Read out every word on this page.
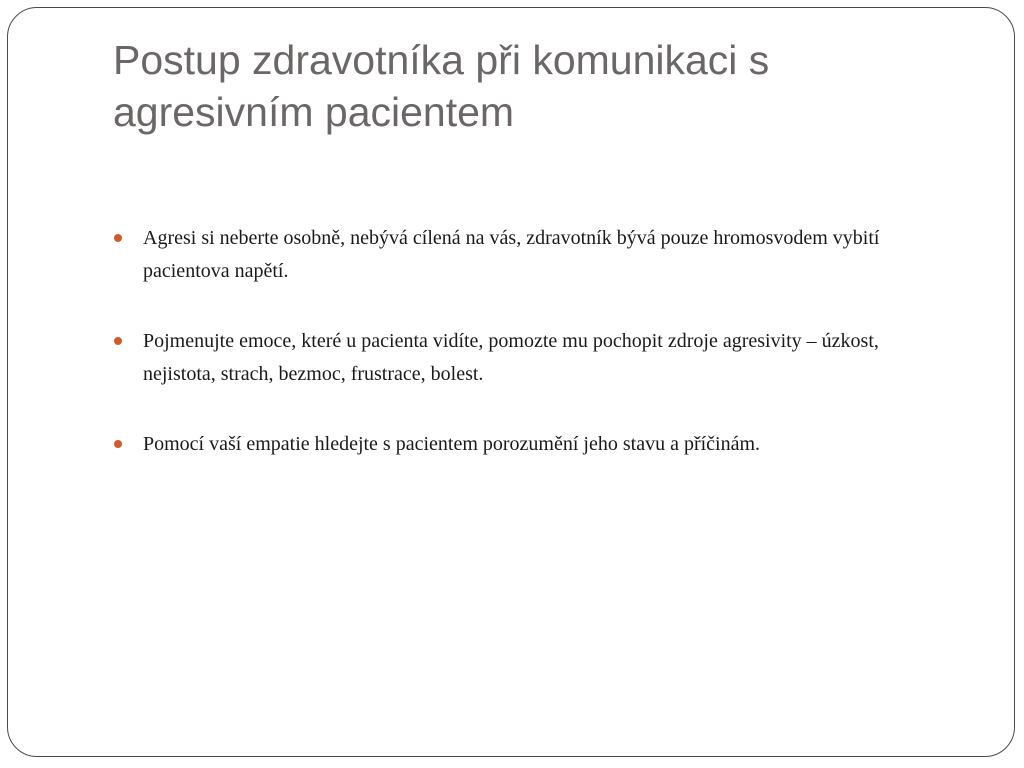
Postup zdravotníka při komunikaci s agresivním pacientem
Agresi si neberte osobně, nebývá cílená na vás, zdravotník bývá pouze hromosvodem vybití pacientova napětí.
Pojmenujte emoce, které u pacienta vidíte, pomozte mu pochopit zdroje agresivity – úzkost, nejistota, strach, bezmoc, frustrace, bolest.
Pomocí vaší empatie hledejte s pacientem porozumění jeho stavu a příčinám.
